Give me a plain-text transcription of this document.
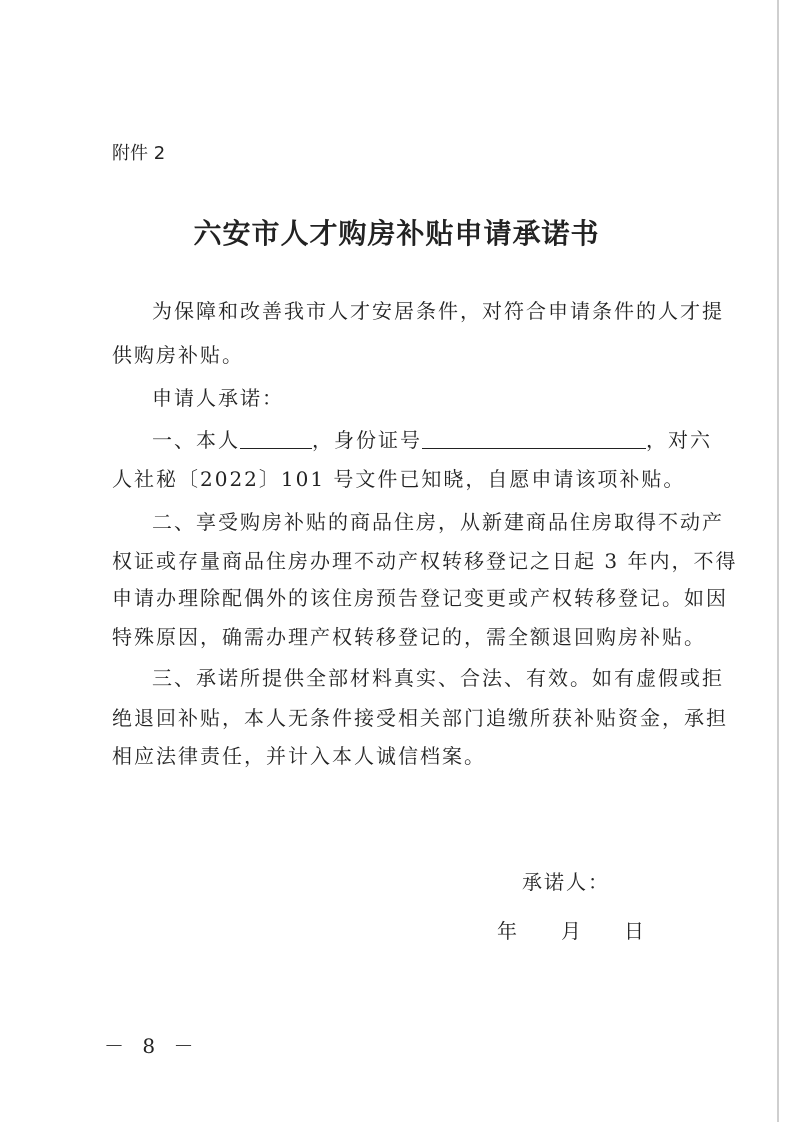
附件 2
六安市人才购房补贴申请承诺书
为保障和改善我市人才安居条件，对符合申请条件的人才提
供购房补贴。
申请人承诺：
一、本人	，身份证号	，对六
人社秘〔2022〕101 号文件已知晓，自愿申请该项补贴。
二、享受购房补贴的商品住房，从新建商品住房取得不动产
权证或存量商品住房办理不动产权转移登记之日起 3 年内，不得
申请办理除配偶外的该住房预告登记变更或产权转移登记。如因
特殊原因，确需办理产权转移登记的，需全额退回购房补贴。
三、承诺所提供全部材料真实、合法、有效。如有虚假或拒
绝退回补贴，本人无条件接受相关部门追缴所获补贴资金，承担
相应法律责任，并计入本人诚信档案。
承诺人：
年 月 日
－ 8 －
